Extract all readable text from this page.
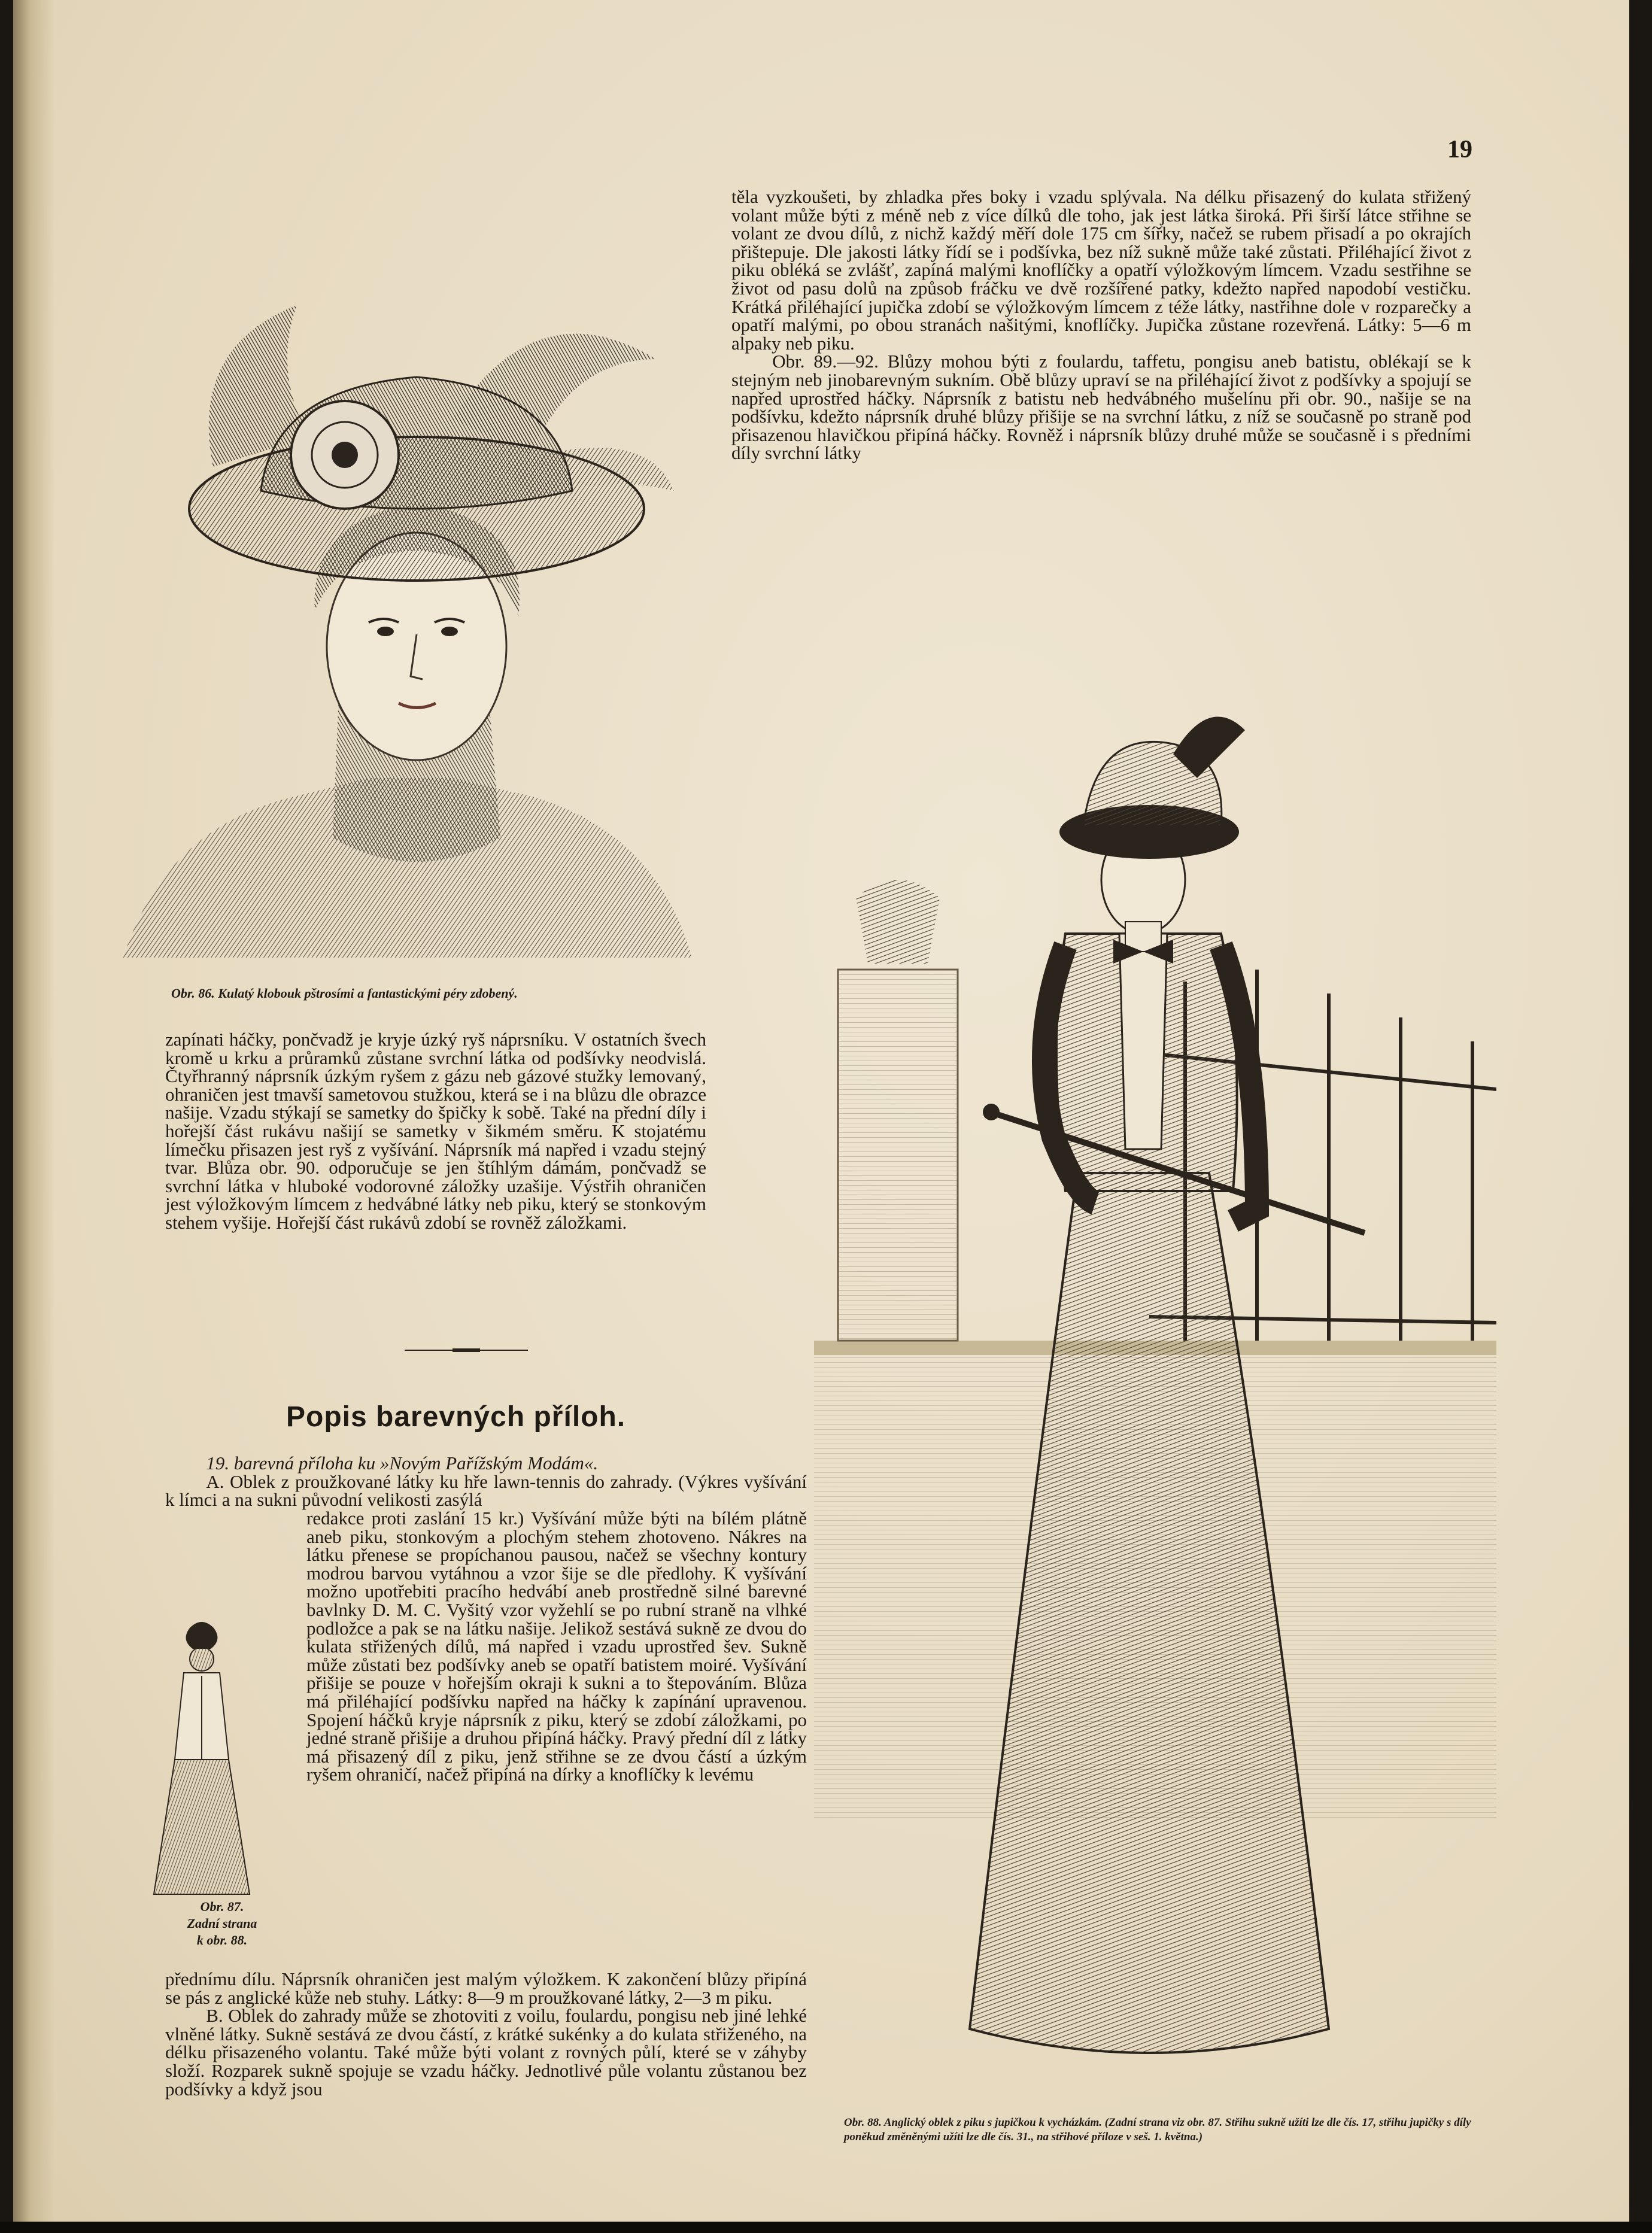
19

těla vyzkoušeti, by zhladka přes boky i vzadu splývala. Na délku přisazený do kulata střižený volant může býti z méně neb z více dílků dle toho, jak jest látka široká. Při širší látce střihne se volant ze dvou dílů, z nichž každý měří dole 175 cm šířky, načež se rubem přisadí a po okrajích přištepuje. Dle jakosti látky řídí se i podšívka, bez níž sukně může také zůstati. Přiléhající život z piku obléká se zvlášť, zapíná malými knoflíčky a opatří výložkovým límcem. Vzadu sestřihne se život od pasu dolů na způsob fráčku ve dvě rozšířené patky, kdežto napřed napodobí vestičku. Krátká přiléhající jupička zdobí se výložkovým límcem z téže látky, nastřihne dole v rozparečky a opatří malými, po obou stranách našitými, knoflíčky. Jupička zůstane rozevřená. Látky: 5—6 m alpaky neb piku.

Obr. 89.—92. Blůzy mohou býti z foulardu, taffetu, pongisu aneb batistu, oblékají se k stejným neb jinobarevným sukním. Obě blůzy upraví se na přiléhající život z podšívky a spojují se napřed uprostřed háčky. Náprsník z batistu neb hedvábného mušelínu při obr. 90., našije se na podšívku, kdežto náprsník druhé blůzy přišije se na svrchní látku, z níž se současně po straně pod přisazenou hlavičkou připíná háčky. Rovněž i náprsník blůzy druhé může se současně i s předními díly svrchní látky

Obr. 86. Kulatý klobouk pštrosími a fantastickými péry zdobený.

zapínati háčky, pončvadž je kryje úzký ryš náprsníku. V ostatních švech kromě u krku a průramků zůstane svrchní látka od podšívky neodvislá. Čtyřhranný náprsník úzkým ryšem z gázu neb gázové stužky lemovaný, ohraničen jest tmavší sametovou stužkou, která se i na blůzu dle obrazce našije. Vzadu stýkají se sametky do špičky k sobě. Také na přední díly i hořejší část rukávu našijí se sametky v šikmém směru. K stojatému límečku přisazen jest ryš z vyšívání. Náprsník má napřed i vzadu stejný tvar. Blůza obr. 90. odporučuje se jen štíhlým dámám, pončvadž se svrchní látka v hluboké vodorovné záložky uzašije. Výstřih ohraničen jest výložkovým límcem z hedvábné látky neb piku, který se stonkovým stehem vyšije. Hořejší část rukávů zdobí se rovněž záložkami.

Popis barevných příloh.

19. barevná příloha ku »Novým Pařížským Modám«.

A. Oblek z proužkované látky ku hře lawn-tennis do zahrady. (Výkres vyšívání k límci a na sukni původní velikosti zasýlá

redakce proti zaslání 15 kr.) Vyšívání může býti na bílém plátně aneb piku, stonkovým a plochým stehem zhotoveno. Nákres na látku přenese se propíchanou pausou, načež se všechny kontury modrou barvou vytáhnou a vzor šije se dle předlohy. K vyšívání možno upotřebiti pracího hedvábí aneb prostředně silné barevné bavlnky D. M. C. Vyšitý vzor vyžehlí se po rubní straně na vlhké podložce a pak se na látku našije. Jelikož sestává sukně ze dvou do kulata střižených dílů, má napřed i vzadu uprostřed šev. Sukně může zůstati bez podšívky aneb se opatří batistem moiré. Vyšívání přišije se pouze v hořejším okraji k sukni a to štepováním. Blůza má přiléhající podšívku napřed na háčky k zapínání upravenou. Spojení háčků kryje náprsník z piku, který se zdobí záložkami, po jedné straně přišije a druhou připíná háčky. Pravý přední díl z látky má přisazený díl z piku, jenž střihne se ze dvou částí a úzkým ryšem ohraničí, načež připíná na dírky a knoflíčky k levému

Obr. 87.
Zadní strana
k obr. 88.

přednímu dílu. Náprsník ohraničen jest malým výložkem. K zakončení blůzy připíná se pás z anglické kůže neb stuhy. Látky: 8—9 m proužkované látky, 2—3 m piku.

B. Oblek do zahrady může se zhotoviti z voilu, foulardu, pongisu neb jiné lehké vlněné látky. Sukně sestává ze dvou částí, z krátké sukénky a do kulata střiženého, na délku přisazeného volantu. Také může býti volant z rovných půlí, které se v záhyby složí. Rozparek sukně spojuje se vzadu háčky. Jednotlivé půle volantu zůstanou bez podšívky a když jsou

Obr. 88. Anglický oblek z piku s jupičkou k vycházkám. (Zadní strana viz obr. 87. Střihu sukně užíti lze dle čís. 17, střihu jupičky s díly poněkud změněnými užíti lze dle čís. 31., na střihové příloze v seš. 1. května.)
